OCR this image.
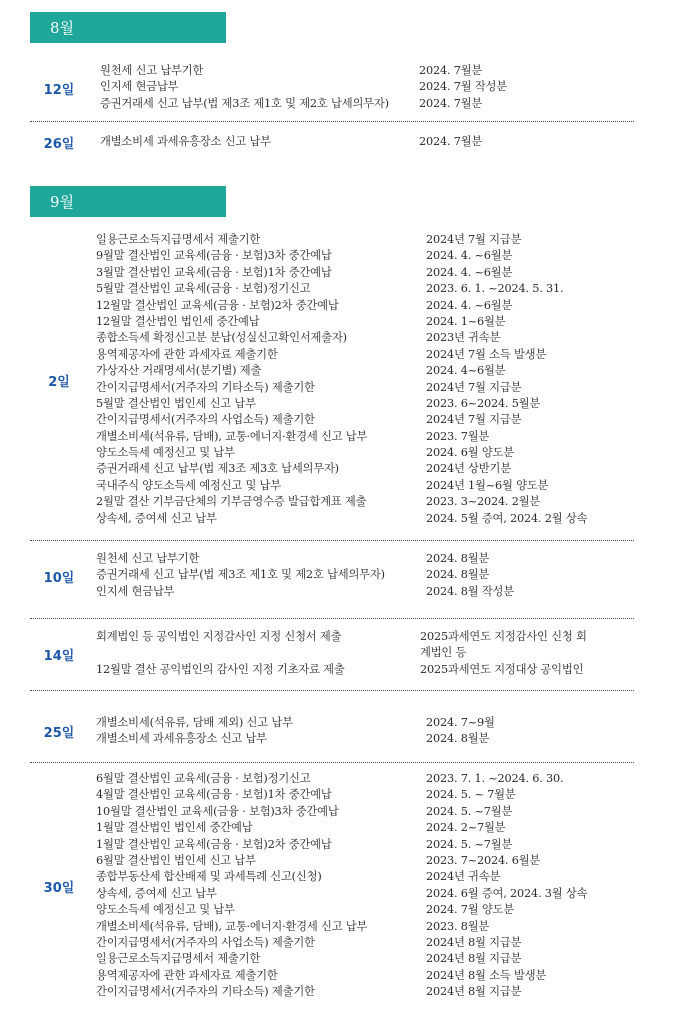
8월
12일
원천세 신고 납부기한	2024. 7월분
인지세 현금납부	2024. 7월 작성분
증권거래세 신고 납부(법 제3조 제1호 및 제2호 납세의무자)	2024. 7월분
26일	개별소비세 과세유흥장소 신고 납부	2024. 7월분
9월
2일
일용근로소득지급명세서 제출기한	2024년 7월 지급분
9월말 결산법인 교육세(금융 · 보험)3차 중간예납	2024. 4. ~6월분
3월말 결산법인 교육세(금융 · 보험)1차 중간예납	2024. 4. ~6월분
5월말 결산법인 교육세(금융 · 보험)정기신고	2023. 6. 1. ~2024. 5. 31.
12월말 결산법인 교육세(금융 · 보험)2차 중간예납	2024. 4. ~6월분
12월말 결산법인 법인세 중간예납	2024. 1~6월분
종합소득세 확정신고분 분납(성실신고확인서제출자)	2023년 귀속분
용역제공자에 관한 과세자료 제출기한	2024년 7월 소득 발생분
가상자산 거래명세서(분기별) 제출	2024. 4~6월분
간이지급명세서(거주자의 기타소득) 제출기한	2024년 7월 지급분
5월말 결산법인 법인세 신고 납부	2023. 6~2024. 5월분
간이지급명세서(거주자의 사업소득) 제출기한	2024년 7월 지급분
개별소비세(석유류, 담배), 교통·에너지·환경세 신고 납부	2023. 7월분
양도소득세 예정신고 및 납부	2024. 6월 양도분
증권거래세 신고 납부(법 제3조 제3호 납세의무자)	2024년 상반기분
국내주식 양도소득세 예정신고 및 납부	2024년 1월~6월 양도분
2월말 결산 기부금단체의 기부금영수증 발급합계표 제출	2023. 3~2024. 2월분
상속세, 증여세 신고 납부	2024. 5월 증여, 2024. 2월 상속
10일
원천세 신고 납부기한	2024. 8월분
증권거래세 신고 납부(법 제3조 제1호 및 제2호 납세의무자)	2024. 8월분
인지세 현금납부	2024. 8월 작성분
14일
회계법인 등 공익법인 지정감사인 지정 신청서 제출	2025과세연도 지정감사인 신청 회
계법인 등
12월말 결산 공익법인의 감사인 지정 기초자료 제출	2025과세연도 지정대상 공익법인
25일
개별소비세(석유류, 담배 제외) 신고 납부	2024. 7~9월
개별소비세 과세유흥장소 신고 납부	2024. 8월분
30일
6월말 결산법인 교육세(금융 · 보험)정기신고	2023. 7. 1. ~2024. 6. 30.
4월말 결산법인 교육세(금융 · 보험)1차 중간예납	2024. 5. ~ 7월분
10월말 결산법인 교육세(금융 · 보험)3차 중간예납	2024. 5. ~7월분
1월말 결산법인 법인세 중간예납	2024. 2~7월분
1월말 결산법인 교육세(금융 · 보험)2차 중간예납	2024. 5. ~7월분
6월말 결산법인 법인세 신고 납부	2023. 7~2024. 6월분
종합부동산세 합산배제 및 과세특례 신고(신청)	2024년 귀속분
상속세, 증여세 신고 납부	2024. 6월 증여, 2024. 3월 상속
양도소득세 예정신고 및 납부	2024. 7월 양도분
개별소비세(석유류, 담배), 교통·에너지·환경세 신고 납부	2023. 8월분
간이지급명세서(거주자의 사업소득) 제출기한	2024년 8월 지급분
일용근로소득지급명세서 제출기한	2024년 8월 지급분
용역제공자에 관한 과세자료 제출기한	2024년 8월 소득 발생분
간이지급명세서(거주자의 기타소득) 제출기한	2024년 8월 지급분
